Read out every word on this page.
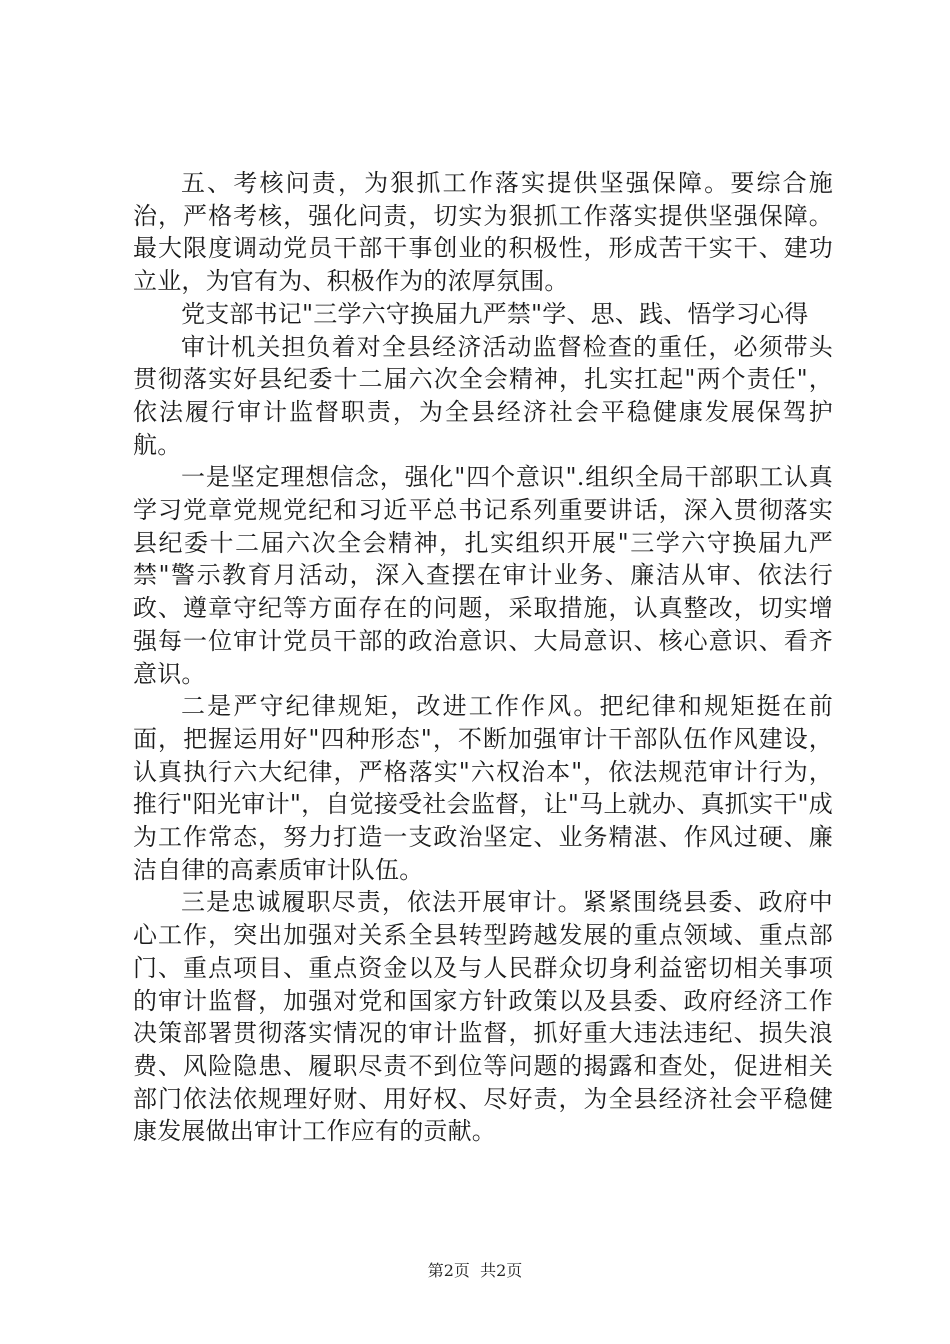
五、考核问责，为狠抓工作落实提供坚强保障。要综合施治，严格考核，强化问责，切实为狠抓工作落实提供坚强保障。最大限度调动党员干部干事创业的积极性，形成苦干实干、建功立业，为官有为、积极作为的浓厚氛围。

党支部书记"三学六守换届九严禁"学、思、践、悟学习心得

审计机关担负着对全县经济活动监督检查的重任，必须带头贯彻落实好县纪委十二届六次全会精神，扎实扛起"两个责任"，依法履行审计监督职责，为全县经济社会平稳健康发展保驾护航。

一是坚定理想信念，强化"四个意识".组织全局干部职工认真学习党章党规党纪和习近平总书记系列重要讲话，深入贯彻落实县纪委十二届六次全会精神，扎实组织开展"三学六守换届九严禁"警示教育月活动，深入查摆在审计业务、廉洁从审、依法行政、遵章守纪等方面存在的问题，采取措施，认真整改，切实增强每一位审计党员干部的政治意识、大局意识、核心意识、看齐意识。

二是严守纪律规矩，改进工作作风。把纪律和规矩挺在前面，把握运用好"四种形态"，不断加强审计干部队伍作风建设，认真执行六大纪律，严格落实"六权治本"，依法规范审计行为，推行"阳光审计"，自觉接受社会监督，让"马上就办、真抓实干"成为工作常态，努力打造一支政治坚定、业务精湛、作风过硬、廉洁自律的高素质审计队伍。

三是忠诚履职尽责，依法开展审计。紧紧围绕县委、政府中心工作，突出加强对关系全县转型跨越发展的重点领域、重点部门、重点项目、重点资金以及与人民群众切身利益密切相关事项的审计监督，加强对党和国家方针政策以及县委、政府经济工作决策部署贯彻落实情况的审计监督，抓好重大违法违纪、损失浪费、风险隐患、履职尽责不到位等问题的揭露和查处，促进相关部门依法依规理好财、用好权、尽好责，为全县经济社会平稳健康发展做出审计工作应有的贡献。

第2页  共2页
